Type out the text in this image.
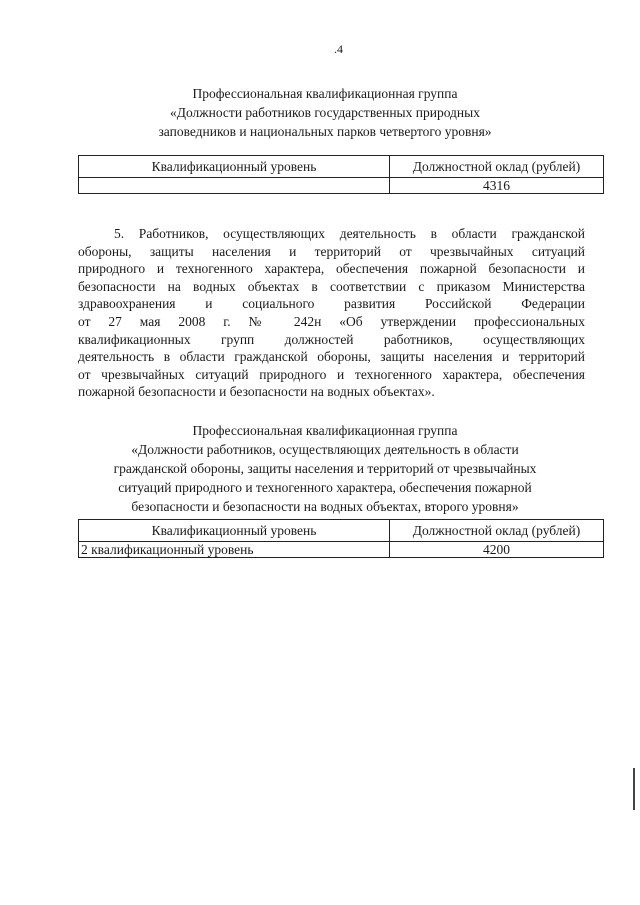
.4
Профессиональная квалификационная группа
«Должности работников государственных природных
заповедников и национальных парков четвертого уровня»
Квалификационный уровень	Должностной оклад (рублей)
	4316
5. Работников, осуществляющих деятельность в области гражданской
обороны, защиты населения и территорий от чрезвычайных ситуаций
природного и техногенного характера, обеспечения пожарной безопасности и
безопасности на водных объектах в соответствии с приказом Министерства
здравоохранения и социального развития Российской Федерации
от 27 мая 2008 г. № 242н «Об утверждении профессиональных
квалификационных групп должностей работников, осуществляющих
деятельность в области гражданской обороны, защиты населения и территорий
от чрезвычайных ситуаций природного и техногенного характера, обеспечения
пожарной безопасности и безопасности на водных объектах».
Профессиональная квалификационная группа
«Должности работников, осуществляющих деятельность в области
гражданской обороны, защиты населения и территорий от чрезвычайных
ситуаций природного и техногенного характера, обеспечения пожарной
безопасности и безопасности на водных объектах, второго уровня»
Квалификационный уровень	Должностной оклад (рублей)
2 квалификационный уровень	4200
